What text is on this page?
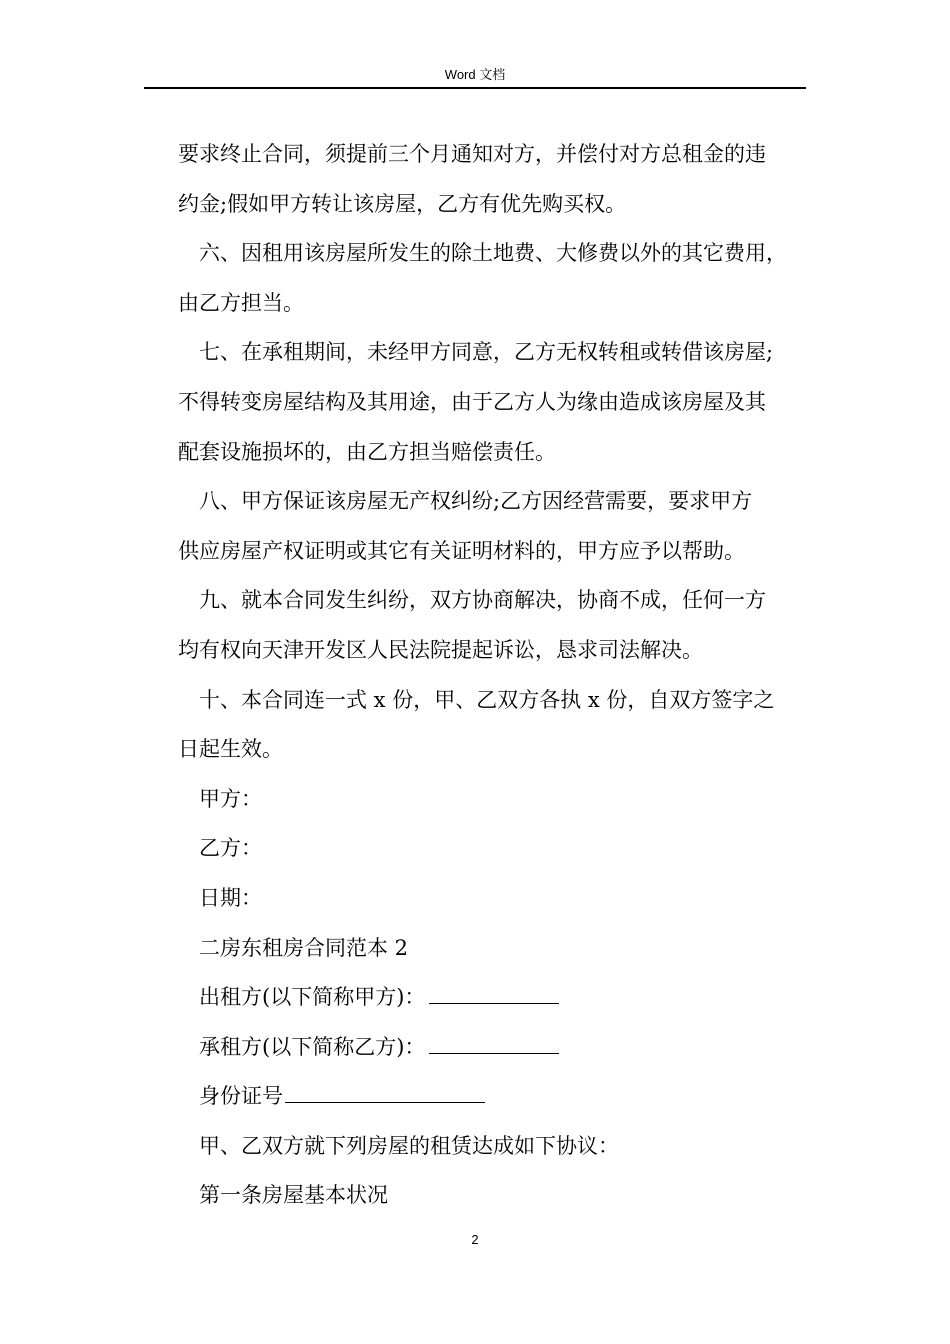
Word 文档
要求终止合同，须提前三个月通知对方，并偿付对方总租金的违
约金;假如甲方转让该房屋，乙方有优先购买权。
六、因租用该房屋所发生的除土地费、大修费以外的其它费用，
由乙方担当。
七、在承租期间，未经甲方同意，乙方无权转租或转借该房屋;
不得转变房屋结构及其用途，由于乙方人为缘由造成该房屋及其
配套设施损坏的，由乙方担当赔偿责任。
八、甲方保证该房屋无产权纠纷;乙方因经营需要，要求甲方
供应房屋产权证明或其它有关证明材料的，甲方应予以帮助。
九、就本合同发生纠纷，双方协商解决，协商不成，任何一方
均有权向天津开发区人民法院提起诉讼，恳求司法解决。
十、本合同连一式 x 份，甲、乙双方各执 x 份，自双方签字之
日起生效。
甲方：
乙方：
日期：
二房东租房合同范本 2
出租方(以下简称甲方)：
承租方(以下简称乙方)：
身份证号
甲、乙双方就下列房屋的租赁达成如下协议：
第一条房屋基本状况
2
